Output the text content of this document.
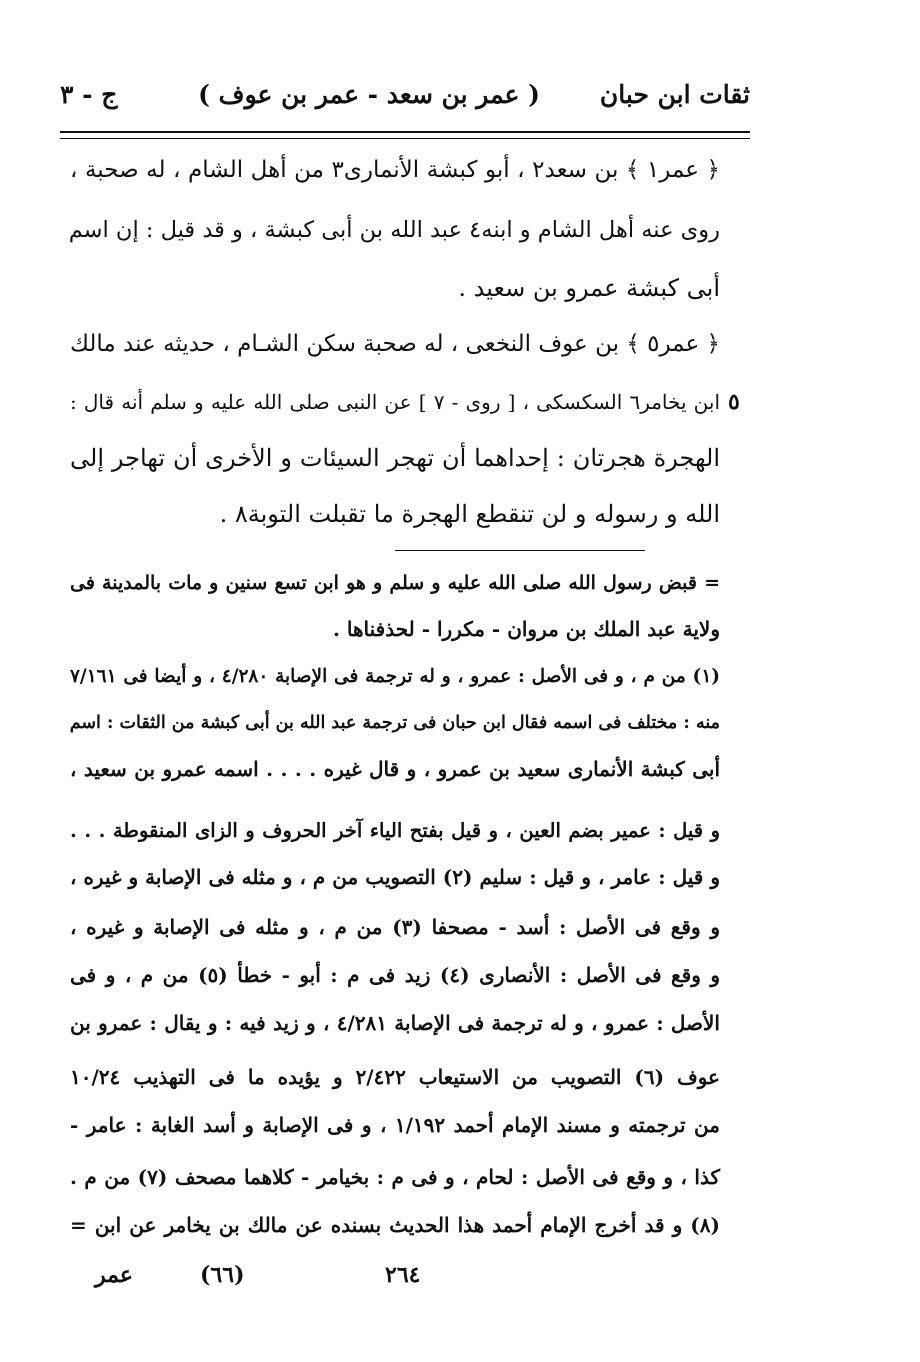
ثقات ابن حبان
( عمر بن سعد - عمر بن عوف )
ج - ٣
﴿ عمر١ ﴾ بن سعد٢ ، أبو كبشة الأنمارى٣ من أهل الشام ، له صحبة ،
روى عنه أهل الشام و ابنه٤ عبد الله بن أبى كبشة ، و قد قيل : إن اسم
أبى كبشة عمرو بن سعيد .
﴿ عمر٥ ﴾ بن عوف النخعى ، له صحبة سكن الشـام ، حديثه عند مالك
ابن يخامر٦ السكسكى ، [ روى - ٧ ] عن النبى صلى الله عليه و سلم أنه قال : ٥
الهجرة هجرتان : إحداهما أن تهجر السيئات و الأخرى أن تهاجر إلى
الله و رسوله و لن تنقطع الهجرة ما تقبلت التوبة٨ .
= قبض رسول الله صلى الله عليه و سلم و هو ابن تسع سنين و مات بالمدينة فى
ولاية عبد الملك بن مروان - مكررا - لحذفناها .
(١) من م ، و فى الأصل : عمرو ، و له ترجمة فى الإصابة ٤/٢٨٠ ، و أيضا فى ٧/١٦١
منه : مختلف فى اسمه فقال ابن حبان فى ترجمة عبد الله بن أبى كبشة من الثقات : اسم
أبى كبشة الأنمارى سعيد بن عمرو ، و قال غيره . . . . اسمه عمرو بن سعيد ،
و قيل : عمير بضم العين ، و قيل بفتح الياء آخر الحروف و الزاى المنقوطة . . .
و قيل : عامر ، و قيل : سليم (٢) التصويب من م ، و مثله فى الإصابة و غيره ،
و وقع فى الأصل : أسد - مصحفا (٣) من م ، و مثله فى الإصابة و غيره ،
و وقع فى الأصل : الأنصارى (٤) زيد فى م : أبو - خطأ (٥) من م ، و فى
الأصل : عمرو ، و له ترجمة فى الإصابة ٤/٢٨١ ، و زيد فيه : و يقال : عمرو بن
عوف (٦) التصويب من الاستيعاب ٢/٤٢٢ و يؤيده ما فى التهذيب ١٠/٢٤
من ترجمته و مسند الإمام أحمد ١/١٩٢ ، و فى الإصابة و أسد الغابة : عامر -
كذا ، و وقع فى الأصل : لحام ، و فى م : بخيامر - كلاهما مصحف (٧) من م .
(٨) و قد أخرج الإمام أحمد هذا الحديث بسنده عن مالك بن يخامر عن ابن =
٢٦٤
(٦٦)
عمر
